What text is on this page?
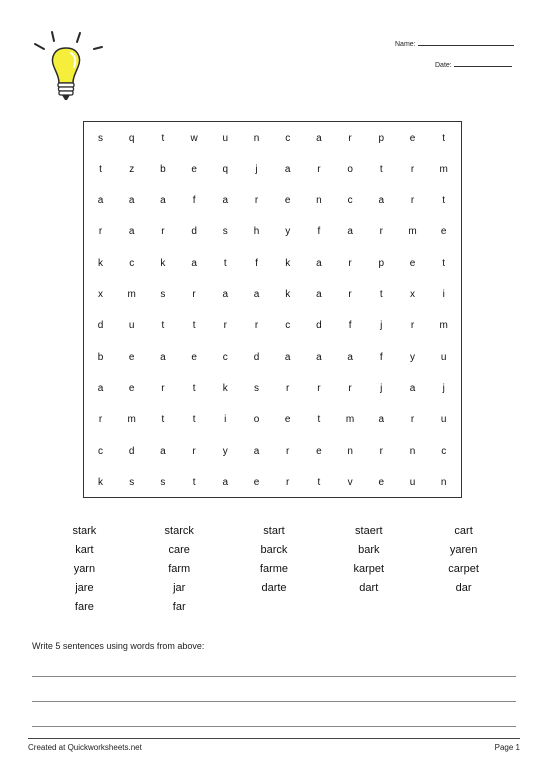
Name:
Date:
s	q	t	w	u	n	c	a	r	p	e	t
t	z	b	e	q	j	a	r	o	t	r	m
a	a	a	f	a	r	e	n	c	a	r	t
r	a	r	d	s	h	y	f	a	r	m	e
k	c	k	a	t	f	k	a	r	p	e	t
x	m	s	r	a	a	k	a	r	t	x	i
d	u	t	t	r	r	c	d	f	j	r	m
b	e	a	e	c	d	a	a	a	f	y	u
a	e	r	t	k	s	r	r	r	j	a	j
r	m	t	t	i	o	e	t	m	a	r	u
c	d	a	r	y	a	r	e	n	r	n	c
k	s	s	t	a	e	r	t	v	e	u	n
stark	starck	start	staert	cart
kart	care	barck	bark	yaren
yarn	farm	farme	karpet	carpet
jare	jar	darte	dart	dar
fare	far
Write 5 sentences using words from above:
Created at Quickworksheets.net	Page 1
